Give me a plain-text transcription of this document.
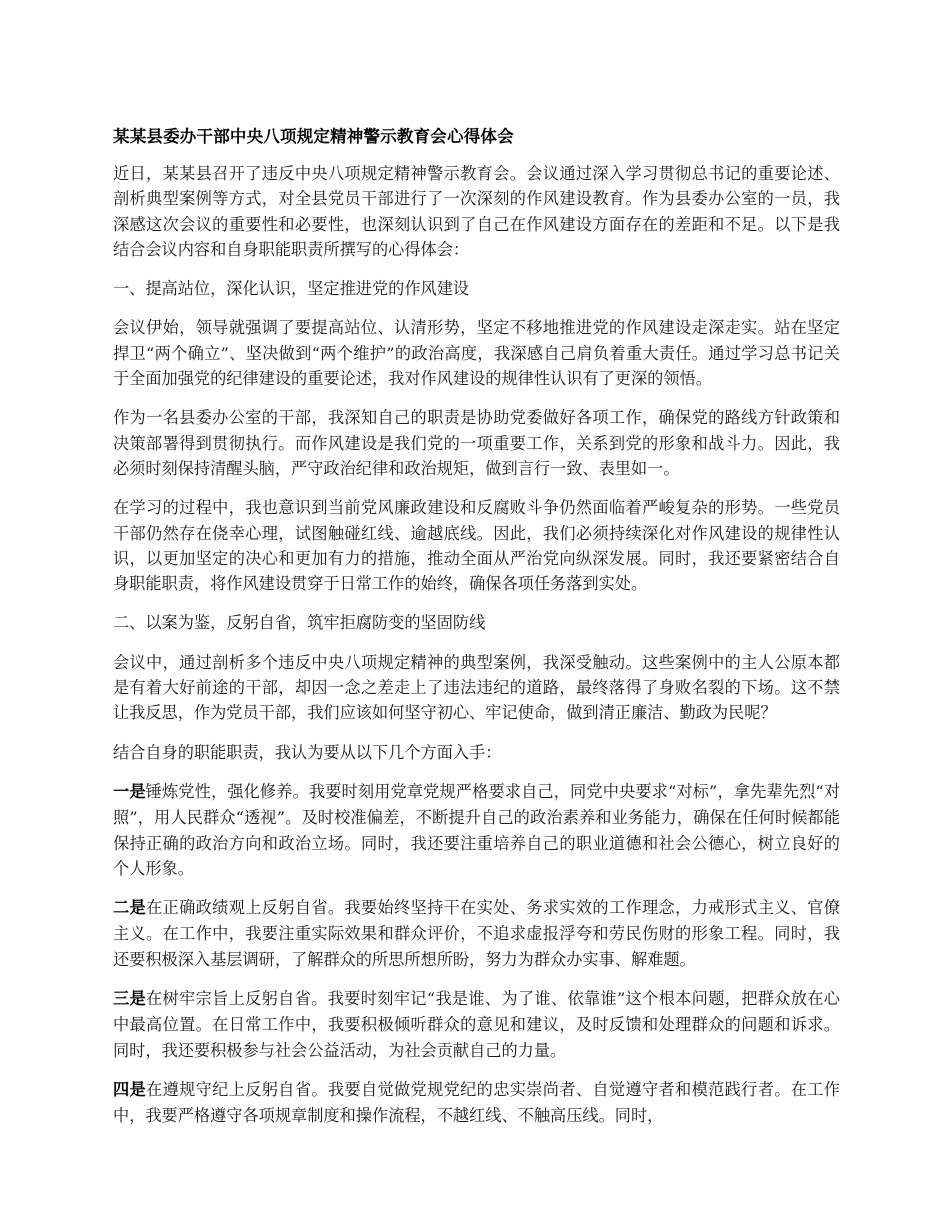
某某县委办干部中央八项规定精神警示教育会心得体会

近日，某某县召开了违反中央八项规定精神警示教育会。会议通过深入学习贯彻总书记的重要论述、剖析典型案例等方式，对全县党员干部进行了一次深刻的作风建设教育。作为县委办公室的一员，我深感这次会议的重要性和必要性，也深刻认识到了自己在作风建设方面存在的差距和不足。以下是我结合会议内容和自身职能职责所撰写的心得体会：

一、提高站位，深化认识，坚定推进党的作风建设

会议伊始，领导就强调了要提高站位、认清形势，坚定不移地推进党的作风建设走深走实。站在坚定捍卫“两个确立”、坚决做到“两个维护”的政治高度，我深感自己肩负着重大责任。通过学习总书记关于全面加强党的纪律建设的重要论述，我对作风建设的规律性认识有了更深的领悟。

作为一名县委办公室的干部，我深知自己的职责是协助党委做好各项工作，确保党的路线方针政策和决策部署得到贯彻执行。而作风建设是我们党的一项重要工作，关系到党的形象和战斗力。因此，我必须时刻保持清醒头脑，严守政治纪律和政治规矩，做到言行一致、表里如一。

在学习的过程中，我也意识到当前党风廉政建设和反腐败斗争仍然面临着严峻复杂的形势。一些党员干部仍然存在侥幸心理，试图触碰红线、逾越底线。因此，我们必须持续深化对作风建设的规律性认识，以更加坚定的决心和更加有力的措施，推动全面从严治党向纵深发展。同时，我还要紧密结合自身职能职责，将作风建设贯穿于日常工作的始终，确保各项任务落到实处。

二、以案为鉴，反躬自省，筑牢拒腐防变的坚固防线

会议中，通过剖析多个违反中央八项规定精神的典型案例，我深受触动。这些案例中的主人公原本都是有着大好前途的干部，却因一念之差走上了违法违纪的道路，最终落得了身败名裂的下场。这不禁让我反思，作为党员干部，我们应该如何坚守初心、牢记使命，做到清正廉洁、勤政为民呢？

结合自身的职能职责，我认为要从以下几个方面入手：

一是锤炼党性，强化修养。我要时刻用党章党规严格要求自己，同党中央要求“对标”，拿先辈先烈“对照”，用人民群众“透视”。及时校准偏差，不断提升自己的政治素养和业务能力，确保在任何时候都能保持正确的政治方向和政治立场。同时，我还要注重培养自己的职业道德和社会公德心，树立良好的个人形象。

二是在正确政绩观上反躬自省。我要始终坚持干在实处、务求实效的工作理念，力戒形式主义、官僚主义。在工作中，我要注重实际效果和群众评价，不追求虚报浮夸和劳民伤财的形象工程。同时，我还要积极深入基层调研，了解群众的所思所想所盼，努力为群众办实事、解难题。

三是在树牢宗旨上反躬自省。我要时刻牢记“我是谁、为了谁、依靠谁”这个根本问题，把群众放在心中最高位置。在日常工作中，我要积极倾听群众的意见和建议，及时反馈和处理群众的问题和诉求。同时，我还要积极参与社会公益活动，为社会贡献自己的力量。

四是在遵规守纪上反躬自省。我要自觉做党规党纪的忠实崇尚者、自觉遵守者和模范践行者。在工作中，我要严格遵守各项规章制度和操作流程，不越红线、不触高压线。同时，
